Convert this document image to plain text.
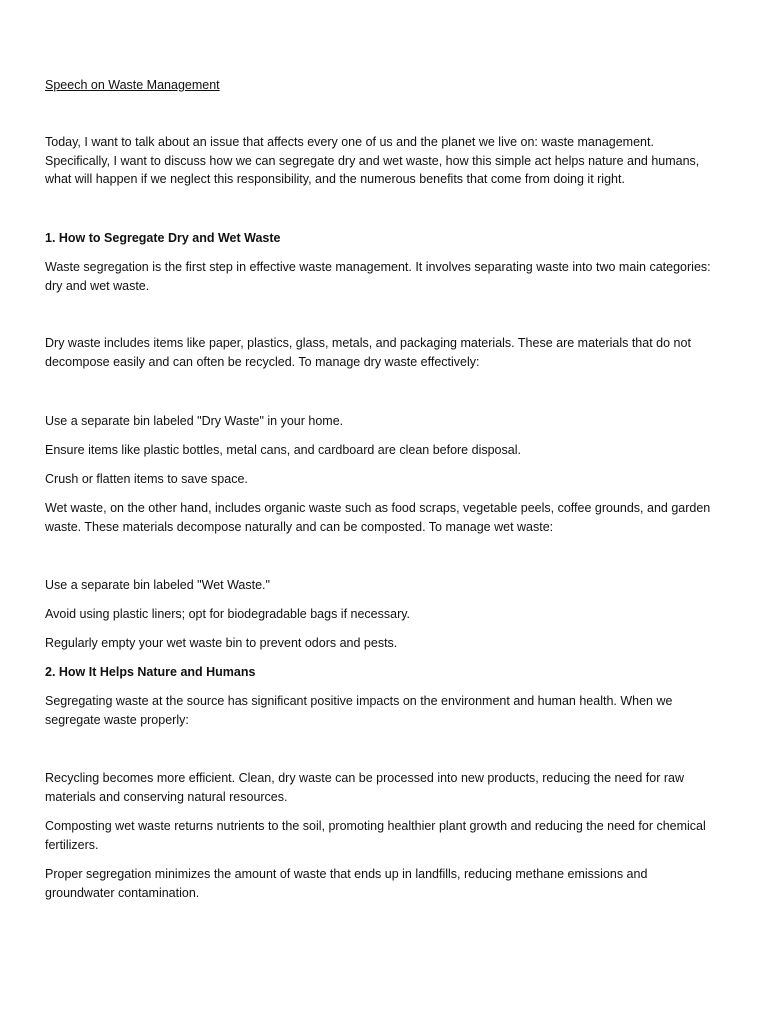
Speech on Waste Management

Today, I want to talk about an issue that affects every one of us and the planet we live on: waste management. Specifically, I want to discuss how we can segregate dry and wet waste, how this simple act helps nature and humans, what will happen if we neglect this responsibility, and the numerous benefits that come from doing it right.

1. How to Segregate Dry and Wet Waste

Waste segregation is the first step in effective waste management. It involves separating waste into two main categories: dry and wet waste.

Dry waste includes items like paper, plastics, glass, metals, and packaging materials. These are materials that do not decompose easily and can often be recycled. To manage dry waste effectively:

Use a separate bin labeled "Dry Waste" in your home.

Ensure items like plastic bottles, metal cans, and cardboard are clean before disposal.

Crush or flatten items to save space.

Wet waste, on the other hand, includes organic waste such as food scraps, vegetable peels, coffee grounds, and garden waste. These materials decompose naturally and can be composted. To manage wet waste:

Use a separate bin labeled "Wet Waste."

Avoid using plastic liners; opt for biodegradable bags if necessary.

Regularly empty your wet waste bin to prevent odors and pests.

2. How It Helps Nature and Humans

Segregating waste at the source has significant positive impacts on the environment and human health. When we segregate waste properly:

Recycling becomes more efficient. Clean, dry waste can be processed into new products, reducing the need for raw materials and conserving natural resources.

Composting wet waste returns nutrients to the soil, promoting healthier plant growth and reducing the need for chemical fertilizers.

Proper segregation minimizes the amount of waste that ends up in landfills, reducing methane emissions and groundwater contamination.
